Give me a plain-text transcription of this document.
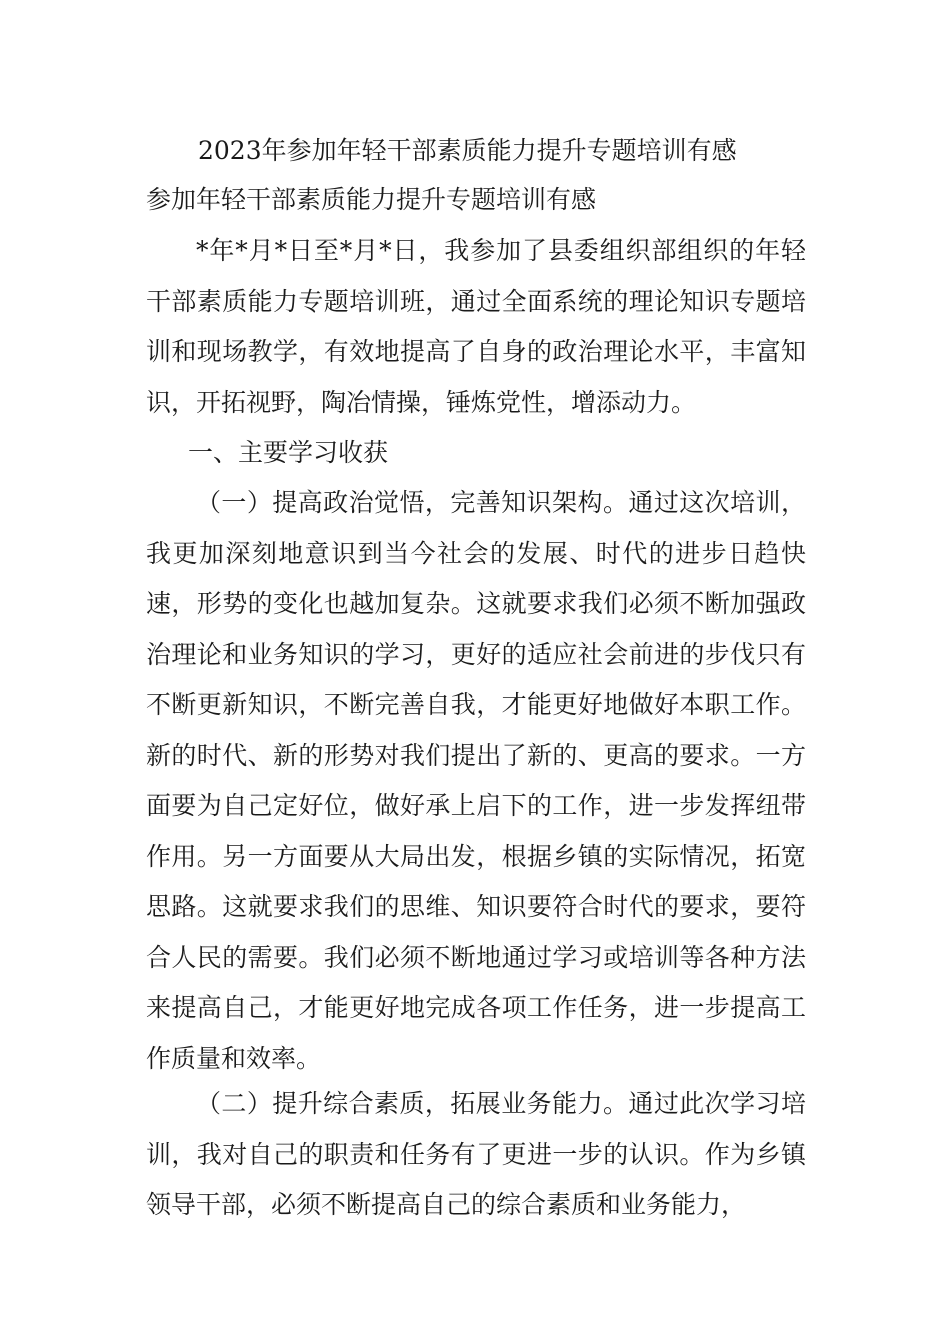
2023年参加年轻干部素质能力提升专题培训有感
参加年轻干部素质能力提升专题培训有感

*年*月*日至*月*日，我参加了县委组织部组织的年轻干部素质能力专题培训班，通过全面系统的理论知识专题培训和现场教学，有效地提高了自身的政治理论水平，丰富知识，开拓视野，陶冶情操，锤炼党性，增添动力。

一、主要学习收获

（一）提高政治觉悟，完善知识架构。通过这次培训，我更加深刻地意识到当今社会的发展、时代的进步日趋快速，形势的变化也越加复杂。这就要求我们必须不断加强政治理论和业务知识的学习，更好的适应社会前进的步伐只有不断更新知识，不断完善自我，才能更好地做好本职工作。新的时代、新的形势对我们提出了新的、更高的要求。一方面要为自己定好位，做好承上启下的工作，进一步发挥纽带作用。另一方面要从大局出发，根据乡镇的实际情况，拓宽思路。这就要求我们的思维、知识要符合时代的要求，要符合人民的需要。我们必须不断地通过学习或培训等各种方法来提高自己，才能更好地完成各项工作任务，进一步提高工作质量和效率。

（二）提升综合素质，拓展业务能力。通过此次学习培训，我对自己的职责和任务有了更进一步的认识。作为乡镇领导干部，必须不断提高自己的综合素质和业务能力，
